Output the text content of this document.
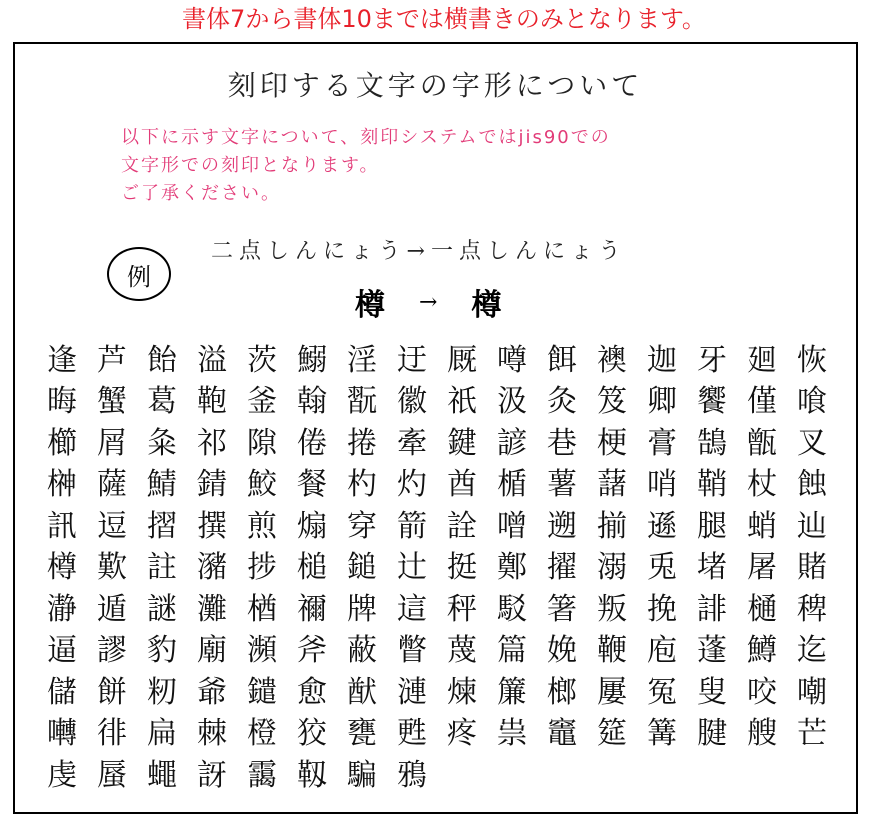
書体7から書体10までは横書きのみとなります。
刻印する文字の字形について
以下に示す文字について、刻印システムではjis90での
文字形での刻印となります。
ご了承ください。
例
二点しんにょう→一点しんにょう
樽 → 樽
逢 芦 飴 溢 茨 鰯 淫 迂 厩 噂 餌 襖 迦 牙 廻 恢
晦 蟹 葛 鞄 釜 翰 翫 徽 祇 汲 灸 笈 卿 饗 僅 喰
櫛 屑 粂 祁 隙 倦 捲 牽 鍵 諺 巷 梗 膏 鵠 甑 叉
榊 薩 鯖 錆 鮫 餐 杓 灼 酋 楯 薯 藷 哨 鞘 杖 蝕
訊 逗 摺 撰 煎 煽 穿 箭 詮 噌 遡 揃 遜 腿 蛸 辿
樽 歎 註 瀦 捗 槌 鎚 辻 挺 鄭 擢 溺 兎 堵 屠 賭
瀞 遁 謎 灘 楢 禰 牌 這 秤 駁 箸 叛 挽 誹 樋 稗
逼 謬 豹 廟 瀕 斧 蔽 瞥 蔑 篇 娩 鞭 庖 蓬 鱒 迄
儲 餅 籾 爺 鑓 愈 猷 漣 煉 簾 榔 屢 冤 叟 咬 嘲
囀 徘 扁 棘 橙 狡 甕 甦 疼 祟 竈 筵 篝 腱 艘 芒
虔 蜃 蠅 訝 靄 靱 騙 鴉
